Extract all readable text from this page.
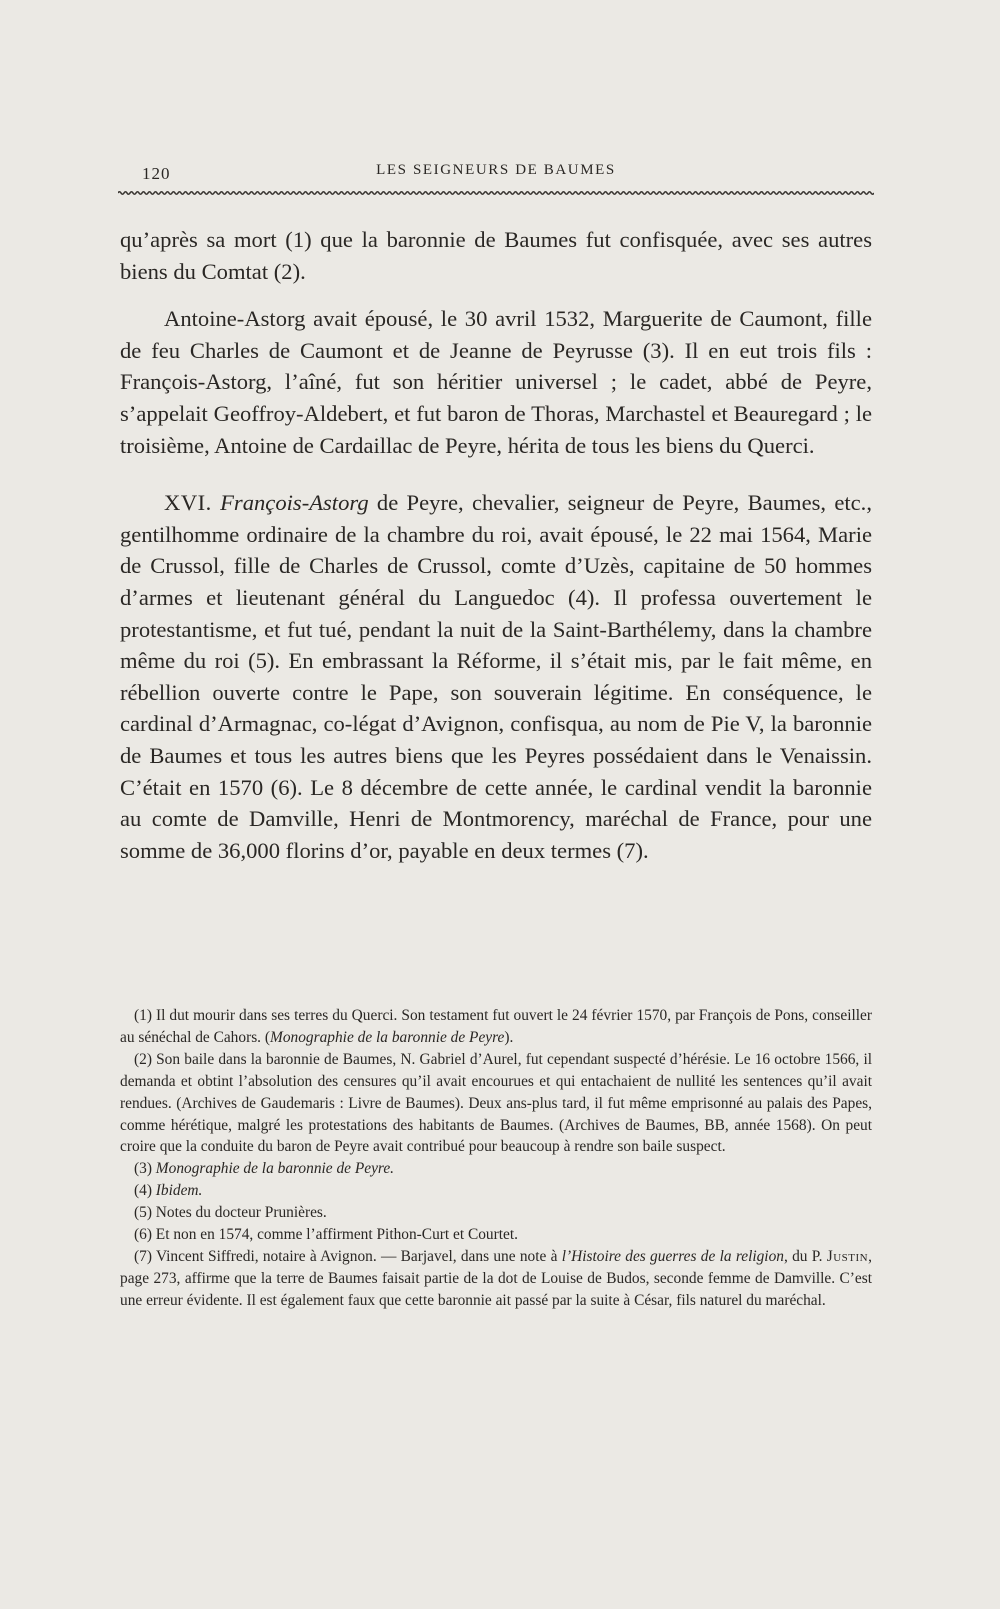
120	LES SEIGNEURS DE BAUMES

qu’après sa mort (1) que la baronnie de Baumes fut confisquée, avec ses autres biens du Comtat (2).

Antoine-Astorg avait épousé, le 30 avril 1532, Marguerite de Caumont, fille de feu Charles de Caumont et de Jeanne de Peyrusse (3). Il en eut trois fils : François-Astorg, l’aîné, fut son héritier universel ; le cadet, abbé de Peyre, s’appelait Geoffroy-Aldebert, et fut baron de Thoras, Marchastel et Beauregard ; le troisième, Antoine de Cardaillac de Peyre, hérita de tous les biens du Querci.

XVI. François-Astorg de Peyre, chevalier, seigneur de Peyre, Baumes, etc., gentilhomme ordinaire de la chambre du roi, avait épousé, le 22 mai 1564, Marie de Crussol, fille de Charles de Crussol, comte d’Uzès, capitaine de 50 hommes d’armes et lieutenant général du Languedoc (4). Il professa ouvertement le protestantisme, et fut tué, pendant la nuit de la Saint-Barthélemy, dans la chambre même du roi (5). En embrassant la Réforme, il s’était mis, par le fait même, en rébellion ouverte contre le Pape, son souverain légitime. En conséquence, le cardinal d’Armagnac, co-légat d’Avignon, confisqua, au nom de Pie V, la baronnie de Baumes et tous les autres biens que les Peyres possédaient dans le Venaissin. C’était en 1570 (6). Le 8 décembre de cette année, le cardinal vendit la baronnie au comte de Damville, Henri de Montmorency, maréchal de France, pour une somme de 36,000 florins d’or, payable en deux termes (7).

(1) Il dut mourir dans ses terres du Querci. Son testament fut ouvert le 24 février 1570, par François de Pons, conseiller au sénéchal de Cahors. (Monographie de la baronnie de Peyre).

(2) Son baile dans la baronnie de Baumes, N. Gabriel d’Aurel, fut cependant suspecté d’hérésie. Le 16 octobre 1566, il demanda et obtint l’absolution des censures qu’il avait encourues et qui entachaient de nullité les sentences qu’il avait rendues. (Archives de Gaudemaris : Livre de Baumes). Deux ans-plus tard, il fut même emprisonné au palais des Papes, comme hérétique, malgré les protestations des habitants de Baumes. (Archives de Baumes, BB, année 1568). On peut croire que la conduite du baron de Peyre avait contribué pour beaucoup à rendre son baile suspect.

(3) Monographie de la baronnie de Peyre.

(4) Ibidem.

(5) Notes du docteur Prunières.

(6) Et non en 1574, comme l’affirment Pithon-Curt et Courtet.

(7) Vincent Siffredi, notaire à Avignon. — Barjavel, dans une note à l’Histoire des guerres de la religion, du P. Justin, page 273, affirme que la terre de Baumes faisait partie de la dot de Louise de Budos, seconde femme de Damville. C’est une erreur évidente. Il est également faux que cette baronnie ait passé par la suite à César, fils naturel du maréchal.
